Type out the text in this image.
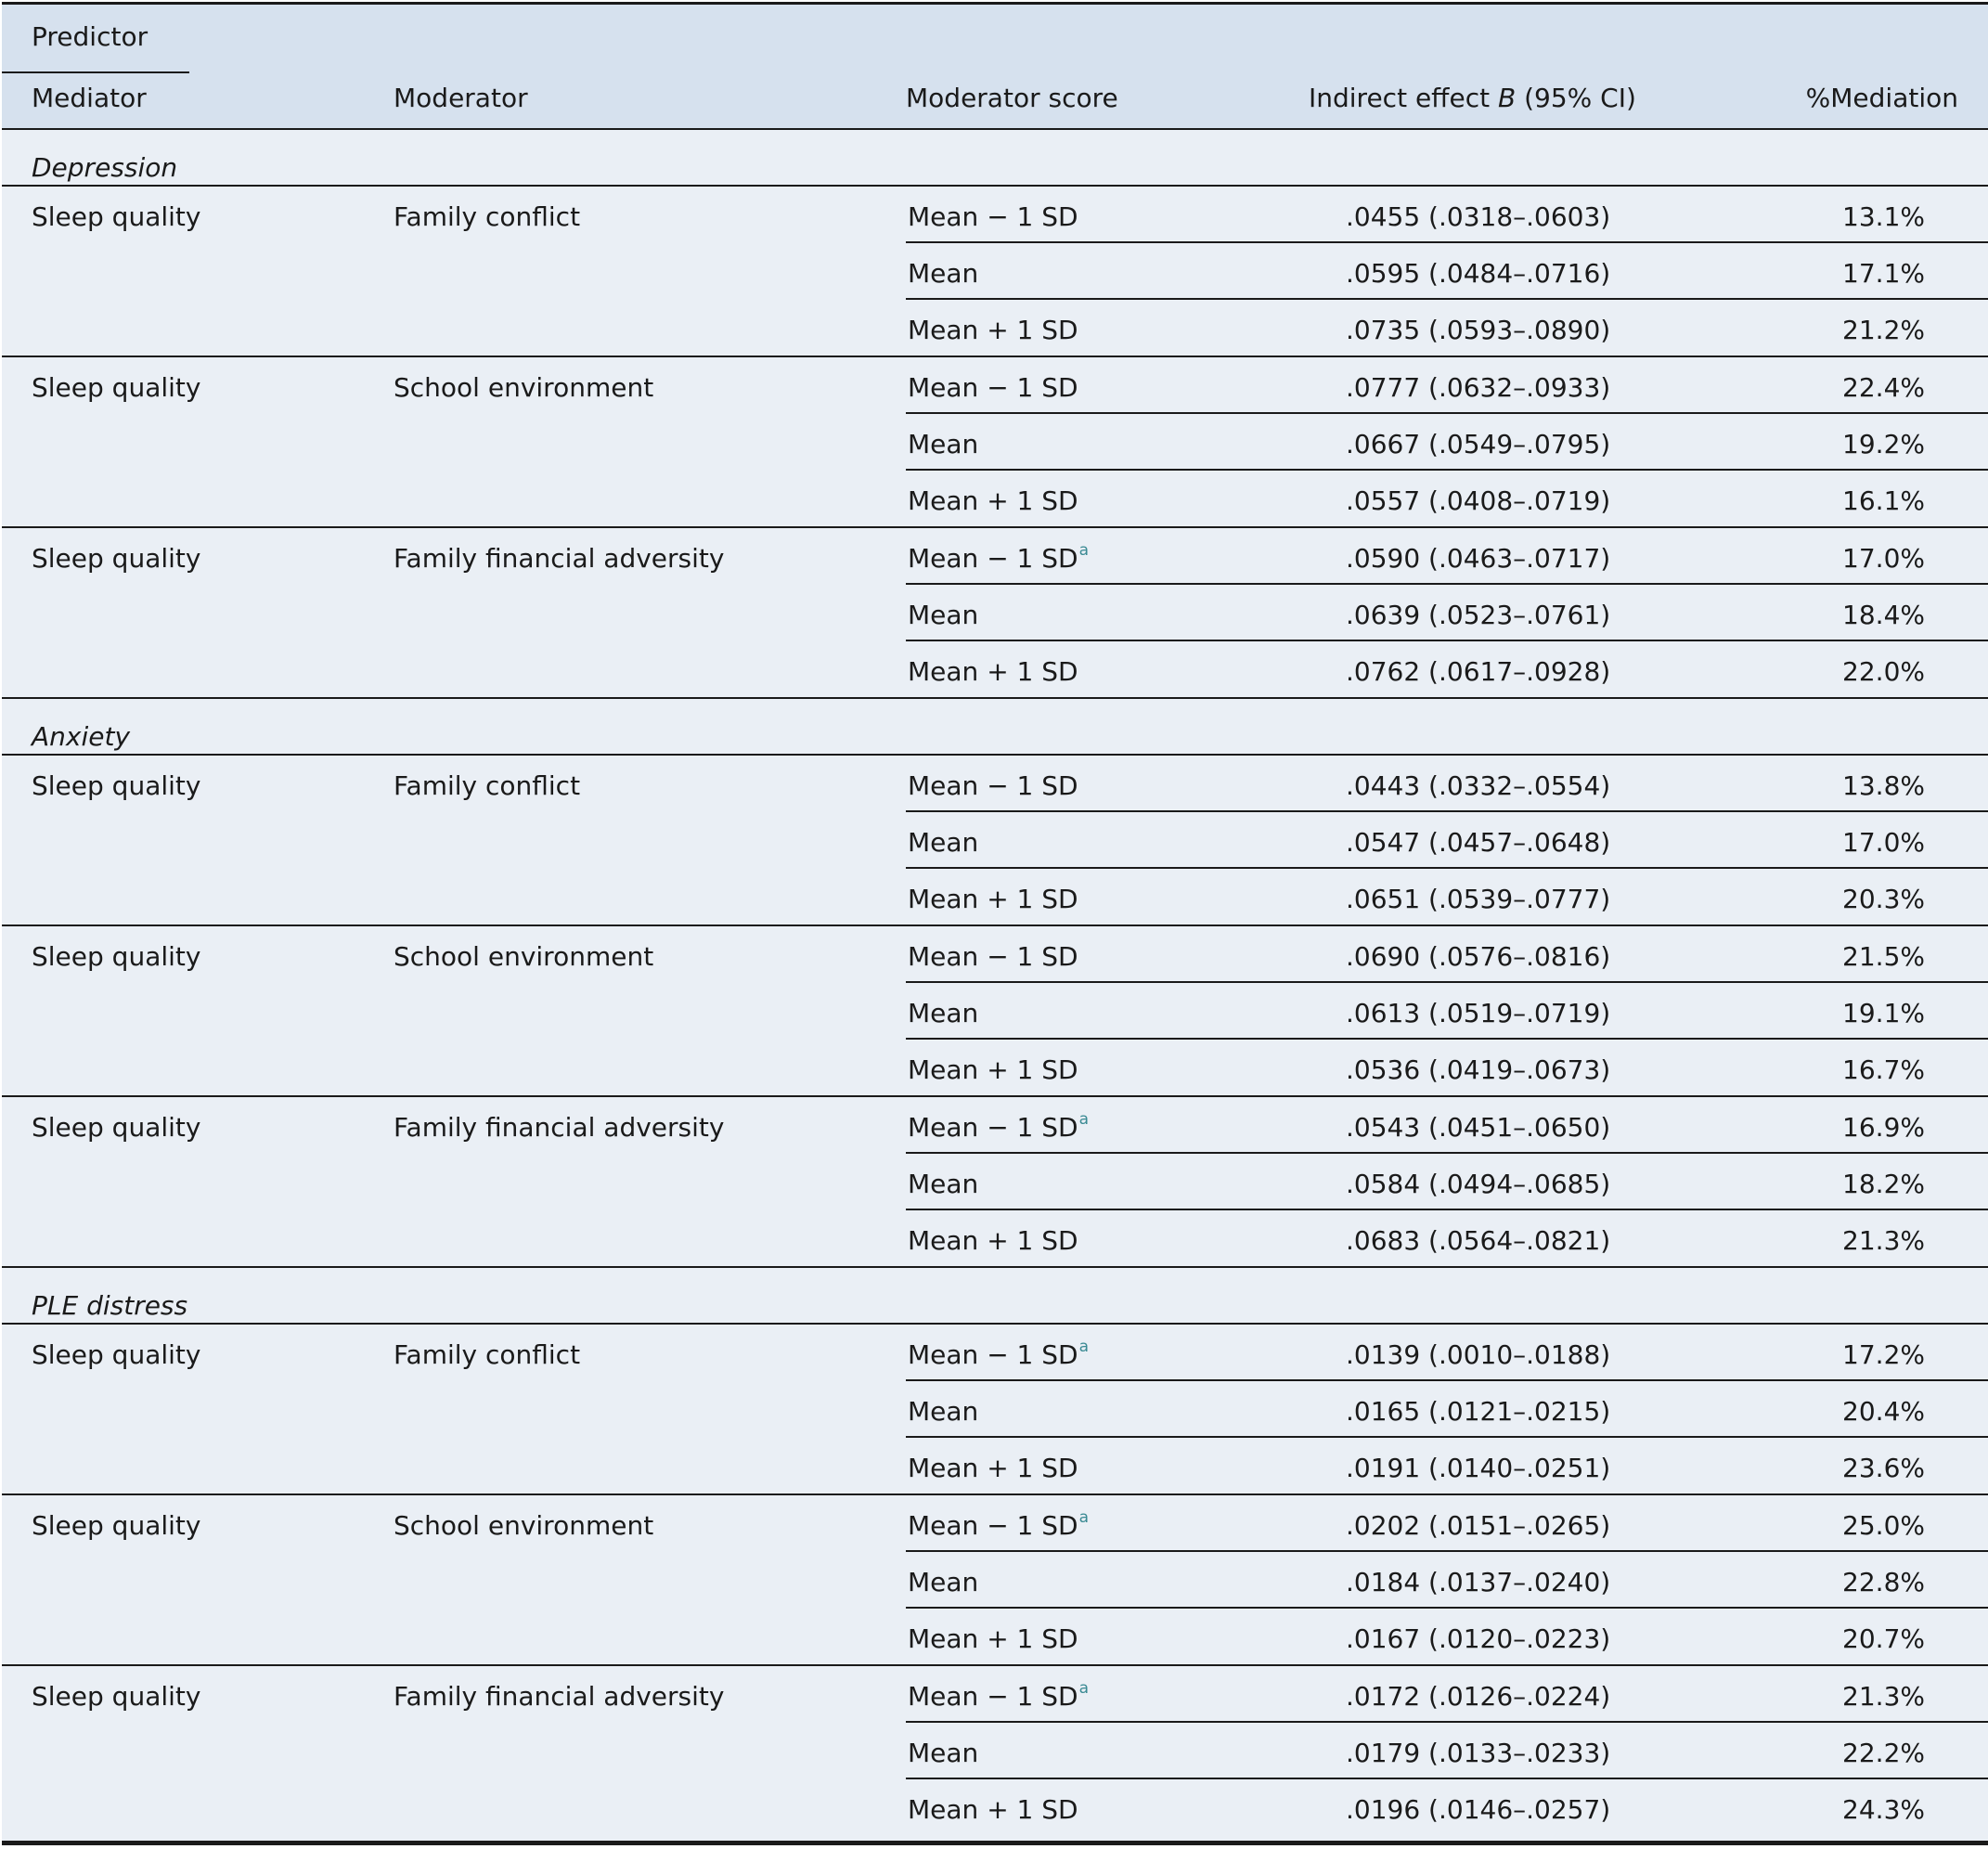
Predictor
Mediator	Moderator	Moderator score	Indirect effect B (95% CI)	%Mediation
Depression
Sleep quality	Family conflict	Mean − 1 SD	.0455 (.0318–.0603)	13.1%
Mean	.0595 (.0484–.0716)	17.1%
Mean + 1 SD	.0735 (.0593–.0890)	21.2%
Sleep quality	School environment	Mean − 1 SD	.0777 (.0632–.0933)	22.4%
Mean	.0667 (.0549–.0795)	19.2%
Mean + 1 SD	.0557 (.0408–.0719)	16.1%
Sleep quality	Family financial adversity	Mean − 1 $SD^a$	.0590 (.0463–.0717)	17.0%
Mean	.0639 (.0523–.0761)	18.4%
Mean + 1 SD	.0762 (.0617–.0928)	22.0%
Anxiety
Sleep quality	Family conflict	Mean − 1 SD	.0443 (.0332–.0554)	13.8%
Mean	.0547 (.0457–.0648)	17.0%
Mean + 1 SD	.0651 (.0539–.0777)	20.3%
Sleep quality	School environment	Mean − 1 SD	.0690 (.0576–.0816)	21.5%
Mean	.0613 (.0519–.0719)	19.1%
Mean + 1 SD	.0536 (.0419–.0673)	16.7%
Sleep quality	Family financial adversity	Mean − 1 $SD^a$	.0543 (.0451–.0650)	16.9%
Mean	.0584 (.0494–.0685)	18.2%
Mean + 1 SD	.0683 (.0564–.0821)	21.3%
PLE distress
Sleep quality	Family conflict	Mean − 1 $SD^a$	.0139 (.0010–.0188)	17.2%
Mean	.0165 (.0121–.0215)	20.4%
Mean + 1 SD	.0191 (.0140–.0251)	23.6%
Sleep quality	School environment	Mean − 1 $SD^a$	.0202 (.0151–.0265)	25.0%
Mean	.0184 (.0137–.0240)	22.8%
Mean + 1 SD	.0167 (.0120–.0223)	20.7%
Sleep quality	Family financial adversity	Mean − 1 $SD^a$	.0172 (.0126–.0224)	21.3%
Mean	.0179 (.0133–.0233)	22.2%
Mean + 1 SD	.0196 (.0146–.0257)	24.3%
